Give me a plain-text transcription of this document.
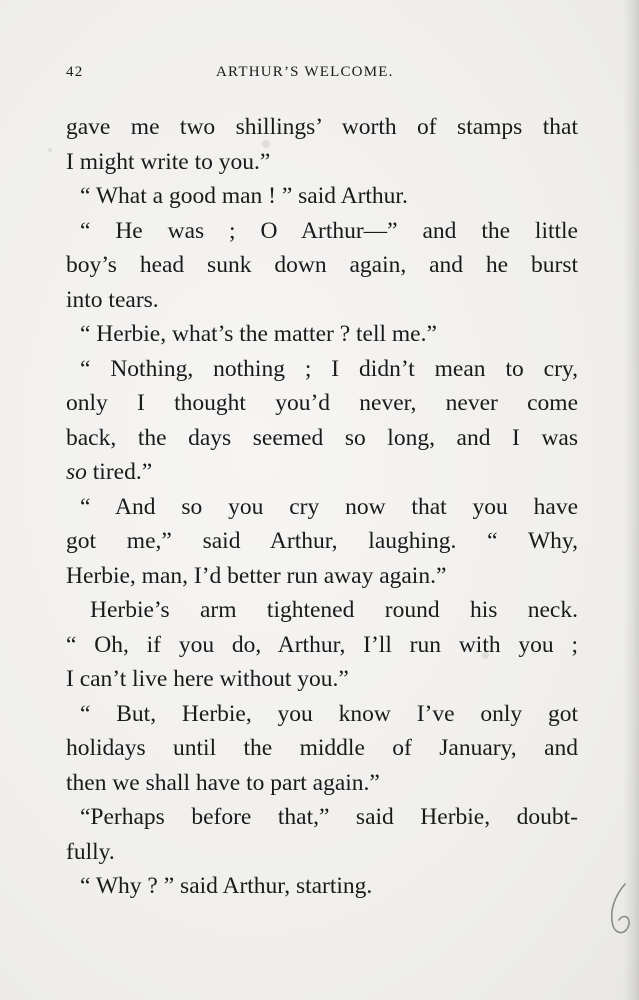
42	ARTHUR’S WELCOME.
gave me two shillings’ worth of stamps that
I might write to you.”
“ What a good man ! ” said Arthur.
“ He was ; O Arthur—” and the little
boy’s head sunk down again, and he burst
into tears.
“ Herbie, what’s the matter ? tell me.”
“ Nothing, nothing ; I didn’t mean to cry,
only I thought you’d never, never come
back, the days seemed so long, and I was
so tired.”
“ And so you cry now that you have
got me,” said Arthur, laughing. “ Why,
Herbie, man, I’d better run away again.”
Herbie’s arm tightened round his neck.
“ Oh, if you do, Arthur, I’ll run with you ;
I can’t live here without you.”
“ But, Herbie, you know I’ve only got
holidays until the middle of January, and
then we shall have to part again.”
“Perhaps before that,” said Herbie, doubt-
fully.
“ Why ? ” said Arthur, starting.
